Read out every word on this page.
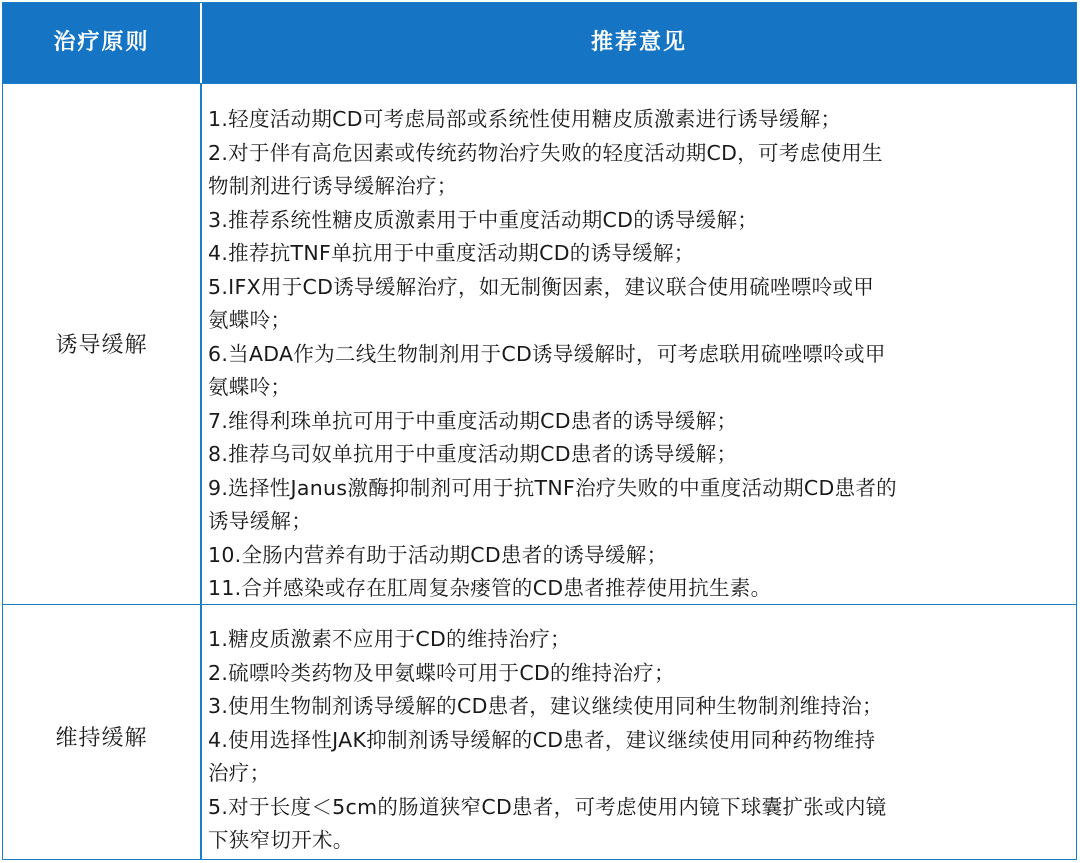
治疗原则	推荐意见
诱导缓解
1.轻度活动期CD可考虑局部或系统性使用糖皮质激素进行诱导缓解；
2.对于伴有高危因素或传统药物治疗失败的轻度活动期CD，可考虑使用生
物制剂进行诱导缓解治疗；
3.推荐系统性糖皮质激素用于中重度活动期CD的诱导缓解；
4.推荐抗TNF单抗用于中重度活动期CD的诱导缓解；
5.IFX用于CD诱导缓解治疗，如无制衡因素，建议联合使用硫唑嘌呤或甲
氨蝶呤；
6.当ADA作为二线生物制剂用于CD诱导缓解时，可考虑联用硫唑嘌呤或甲
氨蝶呤；
7.维得利珠单抗可用于中重度活动期CD患者的诱导缓解；
8.推荐乌司奴单抗用于中重度活动期CD患者的诱导缓解；
9.选择性Janus激酶抑制剂可用于抗TNF治疗失败的中重度活动期CD患者的
诱导缓解；
10.全肠内营养有助于活动期CD患者的诱导缓解；
11.合并感染或存在肛周复杂瘘管的CD患者推荐使用抗生素。
维持缓解
1.糖皮质激素不应用于CD的维持治疗；
2.硫嘌呤类药物及甲氨蝶呤可用于CD的维持治疗；
3.使用生物制剂诱导缓解的CD患者，建议继续使用同种生物制剂维持治；
4.使用选择性JAK抑制剂诱导缓解的CD患者，建议继续使用同种药物维持
治疗；
5.对于长度＜5cm的肠道狭窄CD患者，可考虑使用内镜下球囊扩张或内镜
下狭窄切开术。
